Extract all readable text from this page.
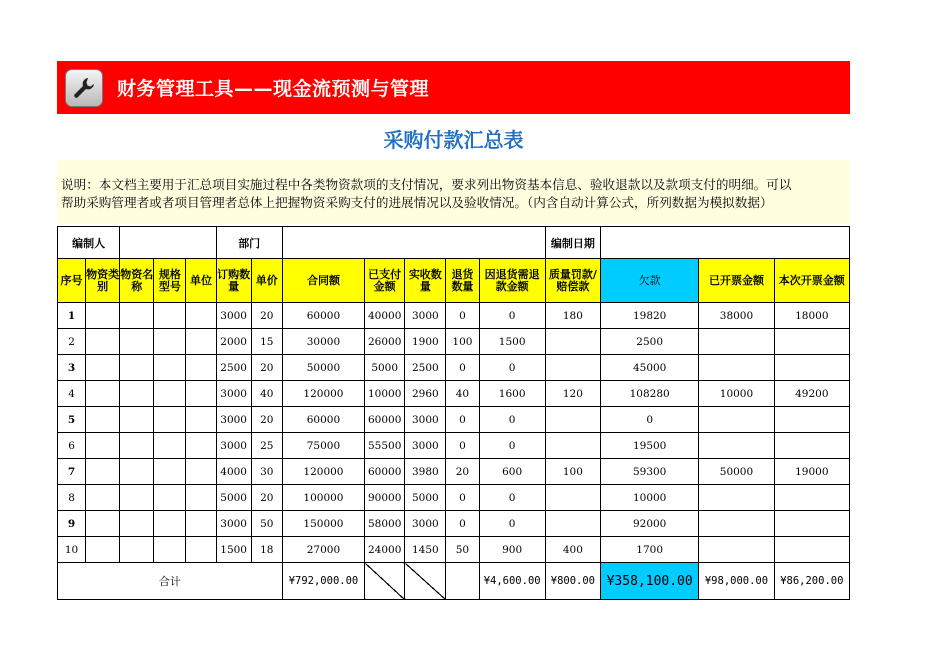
财务管理工具——现金流预测与管理
采购付款汇总表
说明：本文档主要用于汇总项目实施过程中各类物资款项的支付情况，要求列出物资基本信息、验收退款以及款项支付的明细。可以
帮助采购管理者或者项目管理者总体上把握物资采购支付的进展情况以及验收情况。（内含自动计算公式，所列数据为模拟数据）
编制人					部门							编制日期			
序号	物资类别	物资名称	规格型号	单位	订购数量	单价	合同额	已支付金额	实收数量	退货数量	因退货需退款金额	质量罚款/赔偿款	欠款	已开票金额	本次开票金额
1					3000	20	60000	40000	3000	0	0	180	19820	38000	18000
2					2000	15	30000	26000	1900	100	1500		2500		
3					2500	20	50000	5000	2500	0	0		45000		
4					3000	40	120000	10000	2960	40	1600	120	108280	10000	49200
5					3000	20	60000	60000	3000	0	0		0		
6					3000	25	75000	55500	3000	0	0		19500		
7					4000	30	120000	60000	3980	20	600	100	59300	50000	19000
8					5000	20	100000	90000	5000	0	0		10000		
9					3000	50	150000	58000	3000	0	0		92000		
10					1500	18	27000	24000	1450	50	900	400	1700		
合计							¥792,000.00				¥4,600.00	¥800.00	¥358,100.00	¥98,000.00	¥86,200.00
